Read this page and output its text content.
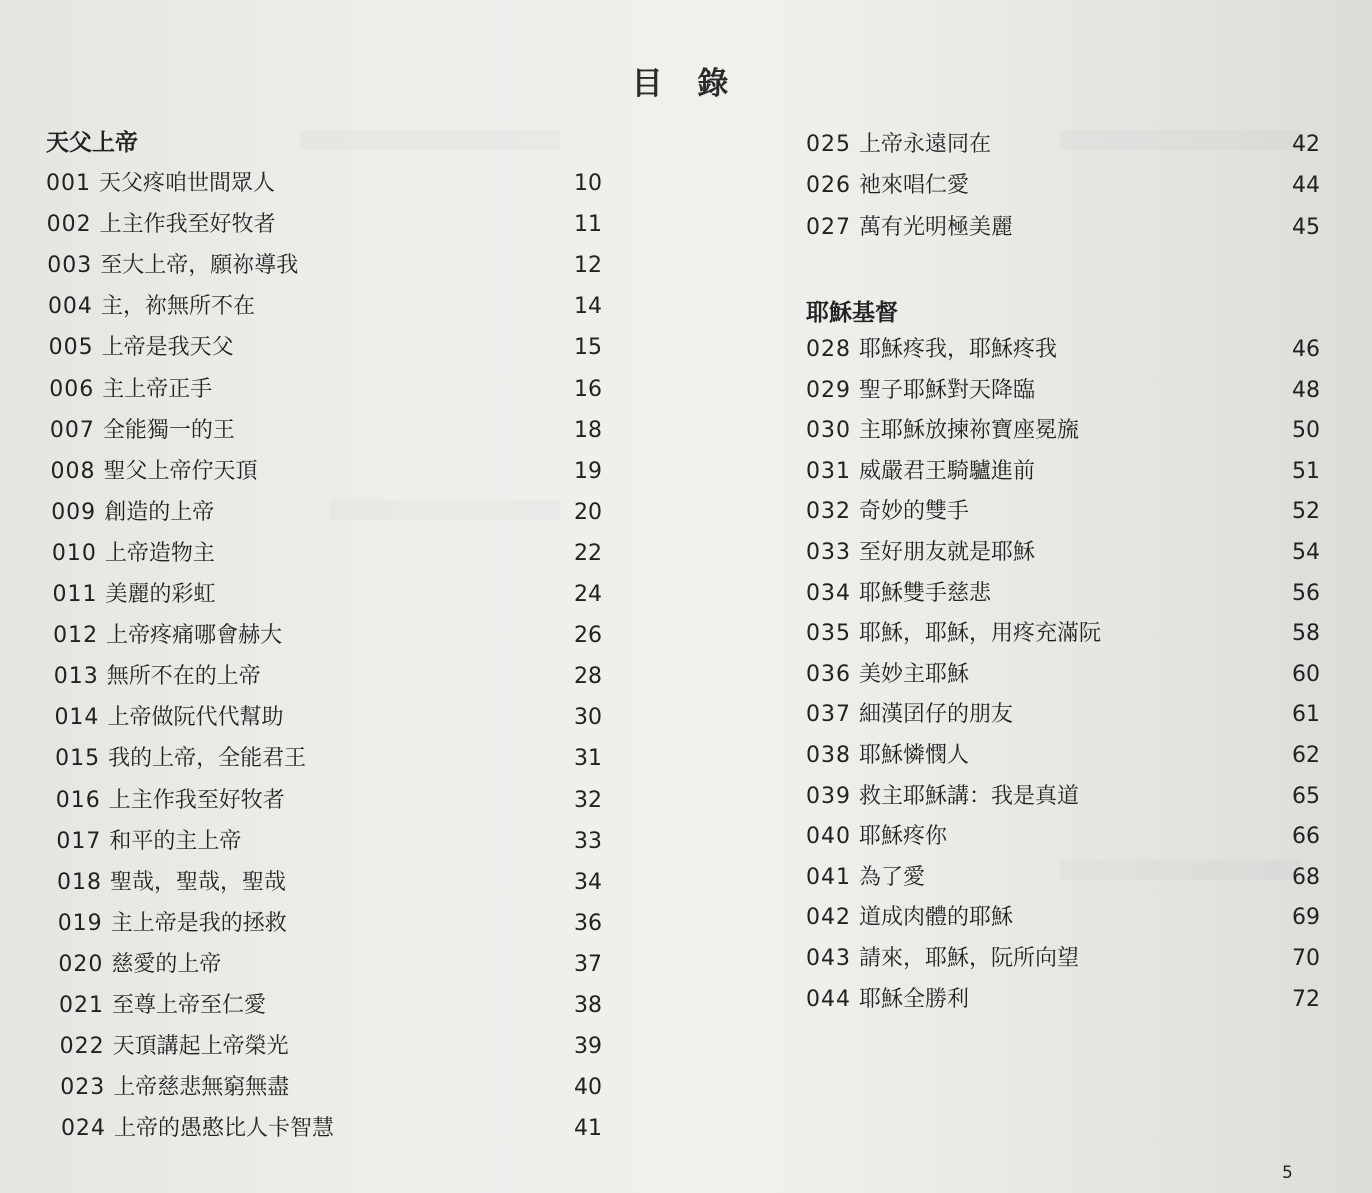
目 錄
天父上帝
001 天父疼咱世間眾人	10
002 上主作我至好牧者	11
003 至大上帝，願祢導我	12
004 主，祢無所不在	14
005 上帝是我天父	15
006 主上帝正手	16
007 全能獨一的王	18
008 聖父上帝佇天頂	19
009 創造的上帝	20
010 上帝造物主	22
011 美麗的彩虹	24
012 上帝疼痛哪會赫大	26
013 無所不在的上帝	28
014 上帝做阮代代幫助	30
015 我的上帝，全能君王	31
016 上主作我至好牧者	32
017 和平的主上帝	33
018 聖哉，聖哉，聖哉	34
019 主上帝是我的拯救	36
020 慈愛的上帝	37
021 至尊上帝至仁愛	38
022 天頂講起上帝榮光	39
023 上帝慈悲無窮無盡	40
024 上帝的愚憨比人卡智慧	41
025 上帝永遠同在	42
026 祂來唱仁愛	44
027 萬有光明極美麗	45
耶穌基督
028 耶穌疼我，耶穌疼我	46
029 聖子耶穌對天降臨	48
030 主耶穌放揀祢寶座冕旒	50
031 威嚴君王騎驢進前	51
032 奇妙的雙手	52
033 至好朋友就是耶穌	54
034 耶穌雙手慈悲	56
035 耶穌，耶穌，用疼充滿阮	58
036 美妙主耶穌	60
037 細漢囝仔的朋友	61
038 耶穌憐憫人	62
039 救主耶穌講：我是真道	65
040 耶穌疼你	66
041 為了愛	68
042 道成肉體的耶穌	69
043 請來，耶穌，阮所向望	70
044 耶穌全勝利	72
5
